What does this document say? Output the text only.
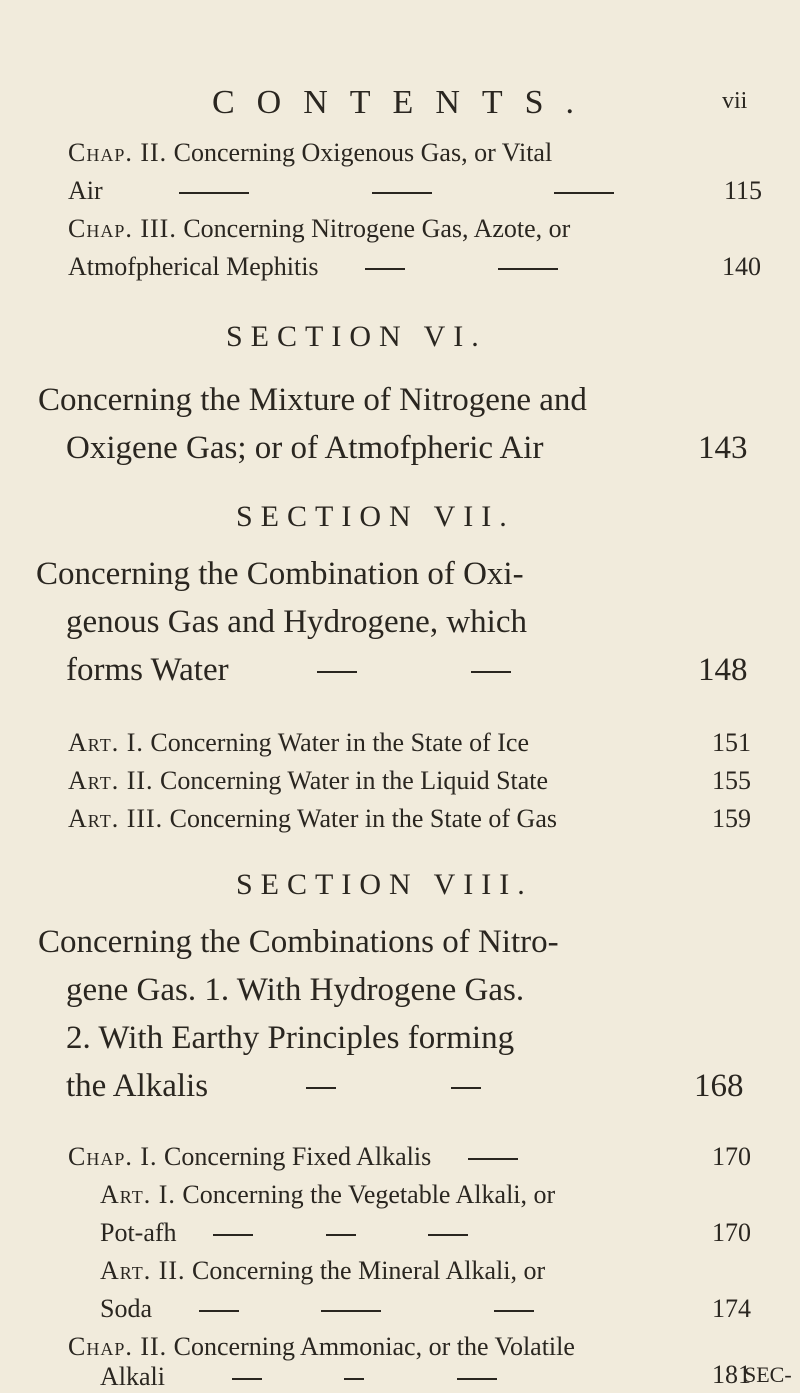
CONTENTS.	vii
Chap. II. Concerning Oxigenous Gas, or Vital
Air	115
Chap. III. Concerning Nitrogene Gas, Azote, or
Atmofpherical Mephitis	140
SECTION VI.
Concerning the Mixture of Nitrogene and
Oxigene Gas; or of Atmofpheric Air	143
SECTION VII.
Concerning the Combination of Oxi-
genous Gas and Hydrogene, which
forms Water	148
Art. I. Concerning Water in the State of Ice	151
Art. II. Concerning Water in the Liquid State	155
Art. III. Concerning Water in the State of Gas	159
SECTION VIII.
Concerning the Combinations of Nitro-
gene Gas. 1. With Hydrogene Gas.
2. With Earthy Principles forming
the Alkalis	168
Chap. I. Concerning Fixed Alkalis	170
Art. I. Concerning the Vegetable Alkali, or
Pot-afh	170
Art. II. Concerning the Mineral Alkali, or
Soda	174
Chap. II. Concerning Ammoniac, or the Volatile
Alkali	181
SEC-
